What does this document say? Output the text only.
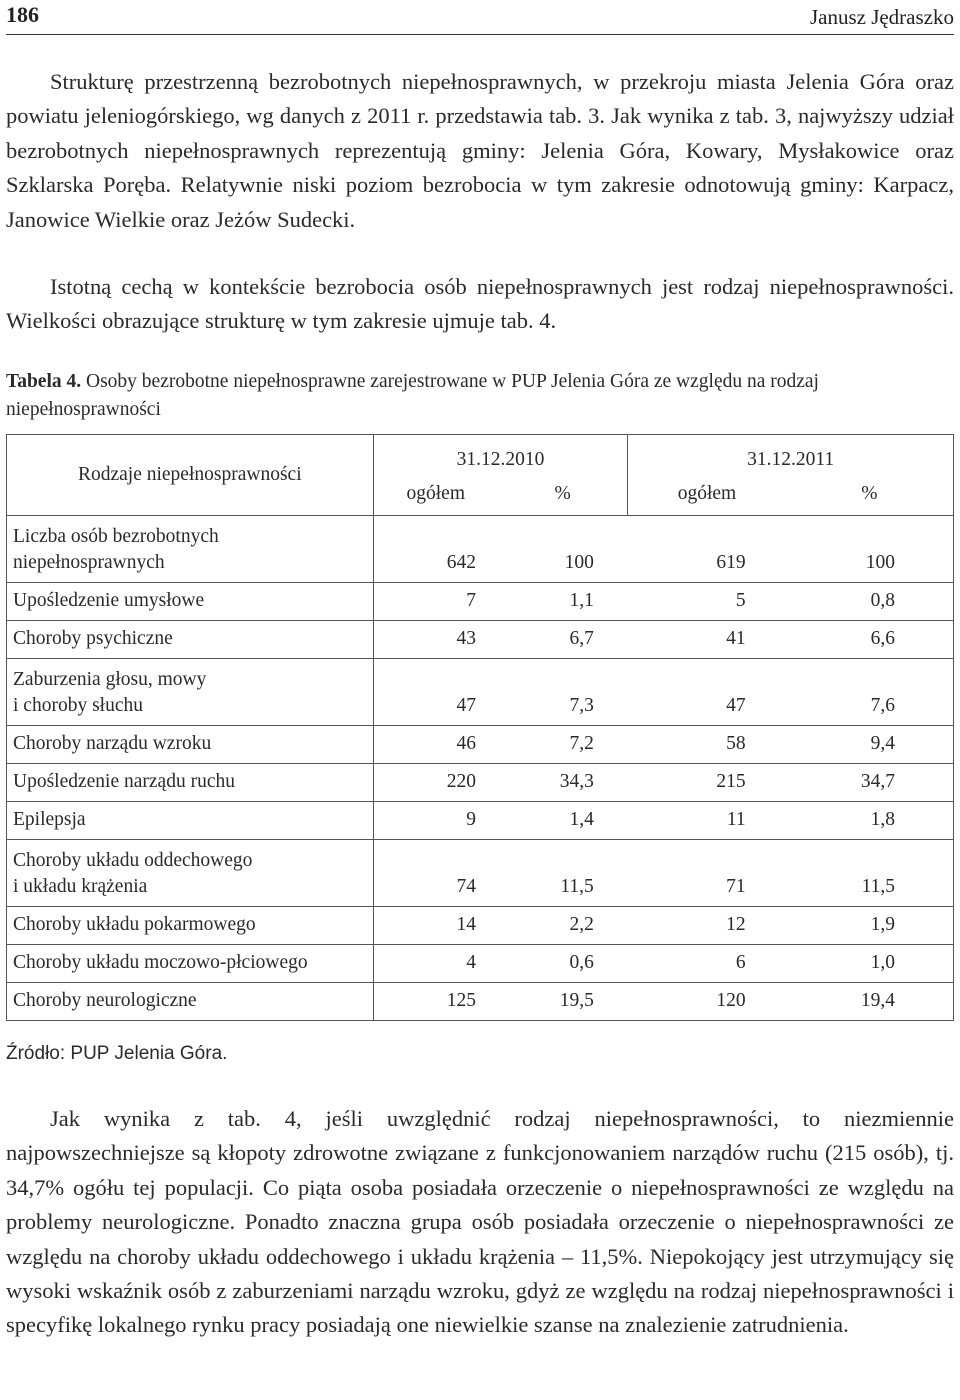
186	Janusz Jędraszko

Strukturę przestrzenną bezrobotnych niepełnosprawnych, w przekroju miasta Jelenia Góra oraz powiatu jeleniogórskiego, wg danych z 2011 r. przedstawia tab. 3. Jak wynika z tab. 3, najwyższy udział bezrobotnych niepełnosprawnych reprezentują gminy: Jelenia Góra, Kowary, Mysłakowice oraz Szklarska Poręba. Relatywnie niski poziom bezrobocia w tym zakresie odnotowują gminy: Karpacz, Janowice Wielkie oraz Jeżów Sudecki.

Istotną cechą w kontekście bezrobocia osób niepełnosprawnych jest rodzaj niepełnosprawności. Wielkości obrazujące strukturę w tym zakresie ujmuje tab. 4.

Tabela 4. Osoby bezrobotne niepełnosprawne zarejestrowane w PUP Jelenia Góra ze względu na rodzaj niepełnosprawności

Rodzaje niepełnosprawności	31.12.2010		31.12.2011	
	ogółem	%	ogółem	%

Liczba osób bezrobotnych
niepełnosprawnych	642	100	619	100

Upośledzenie umysłowe	7	1,1	5	0,8

Choroby psychiczne	43	6,7	41	6,6

Zaburzenia głosu, mowy
i choroby słuchu	47	7,3	47	7,6

Choroby narządu wzroku	46	7,2	58	9,4

Upośledzenie narządu ruchu	220	34,3	215	34,7

Epilepsja	9	1,4	11	1,8

Choroby układu oddechowego
i układu krążenia	74	11,5	71	11,5

Choroby układu pokarmowego	14	2,2	12	1,9

Choroby układu moczowo-płciowego	4	0,6	6	1,0

Choroby neurologiczne	125	19,5	120	19,4

Źródło: PUP Jelenia Góra.

Jak wynika z tab. 4, jeśli uwzględnić rodzaj niepełnosprawności, to niezmiennie najpowszechniejsze są kłopoty zdrowotne związane z funkcjonowaniem narządów ruchu (215 osób), tj. 34,7% ogółu tej populacji. Co piąta osoba posiadała orzeczenie o niepełnosprawności ze względu na problemy neurologiczne. Ponadto znaczna grupa osób posiadała orzeczenie o niepełnosprawności ze względu na choroby układu oddechowego i układu krążenia – 11,5%. Niepokojący jest utrzymujący się wysoki wskaźnik osób z zaburzeniami narządu wzroku, gdyż ze względu na rodzaj niepełnosprawności i specyfikę lokalnego rynku pracy posiadają one niewielkie szanse na znalezienie zatrudnienia.
